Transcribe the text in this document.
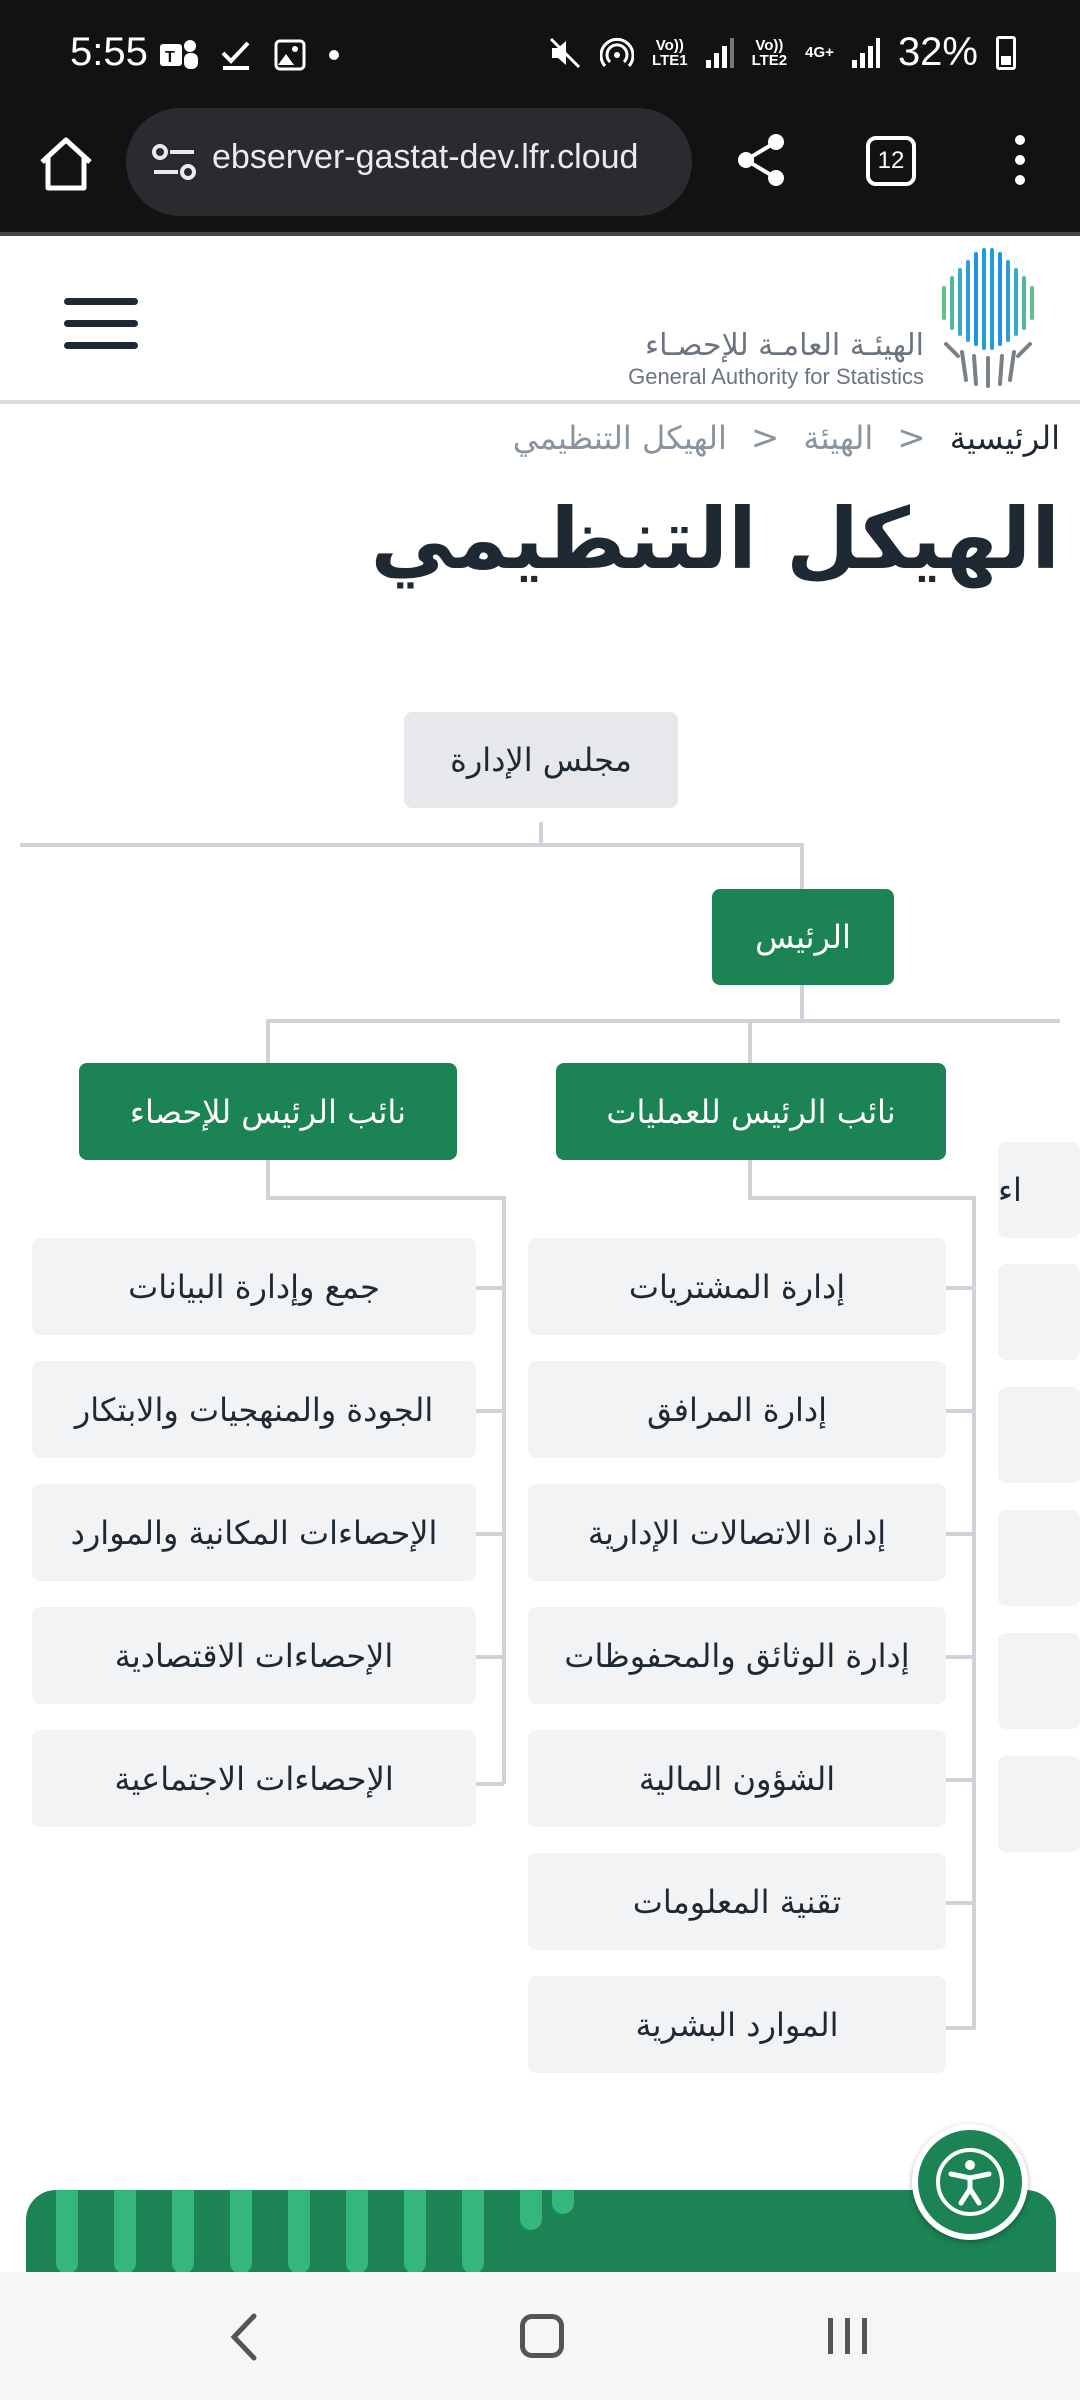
5:55 T
Vo))
LTE1
Vo))
LTE2 4G+ 32%
ebserver-gastat-dev.lfr.cloud	12
الهيئـة العامـة للإحصـاء
General Authority for Statistics
الرئيسية
<
الهيئة
<
الهيكل التنظيمي
الهيكل التنظيمي
مجلس الإدارة
الرئيس
نائب الرئيس للعمليات
نائب الرئيس للإحصاء
إدارة المشتريات
إدارة المرافق
إدارة الاتصالات الإدارية
إدارة الوثائق والمحفوظات
الشؤون المالية
تقنية المعلومات
الموارد البشرية
جمع وإدارة البيانات
الجودة والمنهجيات والابتكار
الإحصاءات المكانية والموارد
الإحصاءات الاقتصادية
الإحصاءات الاجتماعية
اء
